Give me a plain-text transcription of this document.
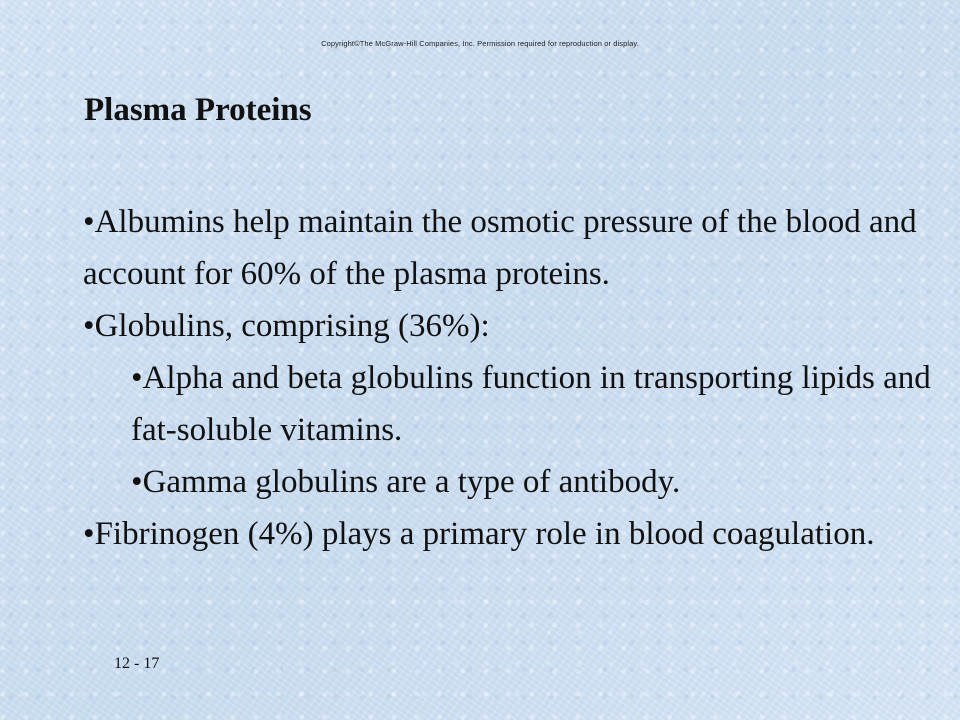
Copyright©The McGraw-Hill Companies, Inc. Permission required for reproduction or display.
Plasma Proteins

•Albumins help maintain the osmotic pressure of the blood and account for 60% of the plasma proteins.

•Globulins, comprising (36%):

•Alpha and beta globulins function in transporting lipids and fat-soluble vitamins.

•Gamma globulins are a type of antibody.

•Fibrinogen (4%) plays a primary role in blood coagulation.

12 - 17
